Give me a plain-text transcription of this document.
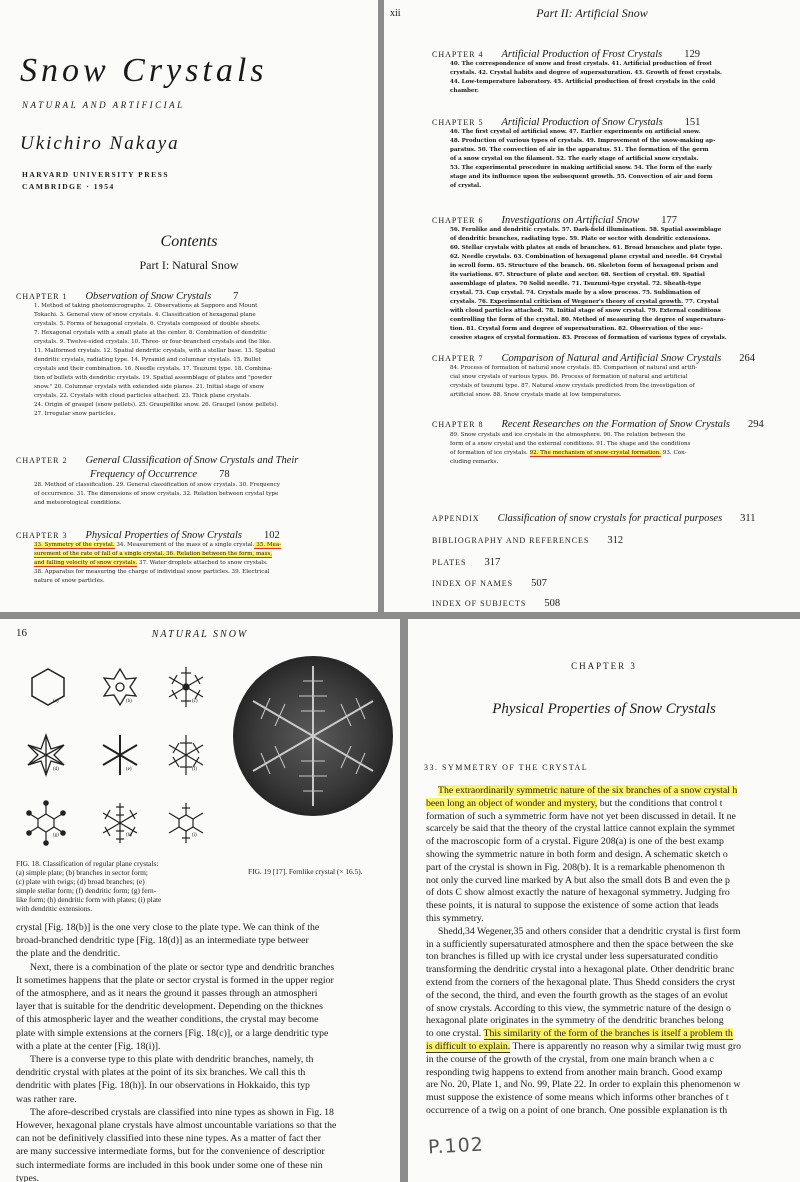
Snow Crystals
NATURAL AND ARTIFICIAL
Ukichiro Nakaya
HARVARD UNIVERSITY PRESS
CAMBRIDGE · 1954
Contents
Part I: Natural Snow
CHAPTER 1 Observation of Snow Crystals 7
1. Method of taking photomicrographs. 2. Observations at Sapporo and Mount
Tokachi. 3. General view of snow crystals. 4. Classification of hexagonal plane
crystals. 5. Forms of hexagonal crystals. 6. Crystals composed of double sheets.
7. Hexagonal crystals with a small plate at the center. 8. Combination of dendritic
crystals. 9. Twelve-sided crystals. 10. Three- or four-branched crystals and the like.
11. Malformed crystals. 12. Spatial dendritic crystals, with a stellar base. 13. Spatial
dendritic crystals, radiating type. 14. Pyramid and columnar crystals. 15. Bullet
crystals and their combination. 16. Needle crystals. 17. Tsuzumi type. 18. Combina-
tion of bullets with dendritic crystals. 19. Spatial assemblage of plates and "powder
snow." 20. Columnar crystals with extended side planes. 21. Initial stage of snow
crystals. 22. Crystals with cloud particles attached. 23. Thick plane crystals.
24. Origin of graupel (snow pellets). 25. Graupellike snow. 26. Graupel (snow pellets).
27. Irregular snow particles.
CHAPTER 2 General Classification of Snow Crystals and Their
Frequency of Occurrence 78
28. Method of classification. 29. General classification of snow crystals. 30. Frequency
of occurrence. 31. The dimensions of snow crystals. 32. Relation between crystal type
and meteorological conditions.
CHAPTER 3 Physical Properties of Snow Crystals 102
33. Symmetry of the crystal. 34. Measurement of the mass of a single crystal. 35. Mea-
surement of the rate of fall of a single crystal. 36. Relation between the form, mass,
and falling velocity of snow crystals. 37. Water droplets attached to snow crystals.
38. Apparatus for measuring the charge of individual snow particles. 39. Electrical
nature of snow particles.
xii	Part II: Artificial Snow
CHAPTER 4 Artificial Production of Frost Crystals 129
40. The correspondence of snow and frost crystals. 41. Artificial production of frost
crystals. 42. Crystal habits and degree of supersaturation. 43. Growth of frost crystals.
44. Low-temperature laboratory. 45. Artificial production of frost crystals in the cold
chamber.
CHAPTER 5 Artificial Production of Snow Crystals 151
46. The first crystal of artificial snow. 47. Earlier experiments on artificial snow.
48. Production of various types of crystals. 49. Improvement of the snow-making ap-
paratus. 50. The convection of air in the apparatus. 51. The formation of the germ
of a snow crystal on the filament. 52. The early stage of artificial snow crystals.
53. The experimental procedure in making artificial snow. 54. The form of the early
stage and its influence upon the subsequent growth. 55. Convection of air and form
of crystal.
CHAPTER 6 Investigations on Artificial Snow 177
56. Fernlike and dendritic crystals. 57. Dark-field illumination. 58. Spatial assemblage
of dendritic branches, radiating type. 59. Plate or sector with dendritic extensions.
60. Stellar crystals with plates at ends of branches. 61. Broad branches and plate type.
62. Needle crystals. 63. Combination of hexagonal plane crystal and needle. 64 Crystal
in scroll form. 65. Structure of the branch. 66. Skeleton form of hexagonal prism and
its variations. 67. Structure of plate and sector. 68. Section of crystal. 69. Spatial
assemblage of plates. 70 Solid needle. 71. Tsuzumi-type crystal. 72. Sheath-type
crystal. 73. Cup crystal. 74. Crystals made by a slow process. 75. Sublimation of
crystals. 76. Experimental criticism of Wegener's theory of crystal growth. 77. Crystal
with cloud particles attached. 78. Initial stage of snow crystal. 79. External conditions
controlling the form of the crystal. 80. Method of measuring the degree of supersatura-
tion. 81. Crystal form and degree of supersaturation. 82. Observation of the suc-
cessive stages of crystal formation. 83. Process of formation of various types of crystals.
CHAPTER 7 Comparison of Natural and Artificial Snow Crystals 264
84. Process of formation of natural snow crystals. 85. Comparison of natural and artifi-
cial snow crystals of various types. 86. Process of formation of natural and artificial
crystals of tsuzumi type. 87. Natural snow crystals predicted from the investigation of
artificial snow. 88. Snow crystals made at low temperatures.
CHAPTER 8 Recent Researches on the Formation of Snow Crystals 294
89. Snow crystals and ice crystals in the atmosphere. 90. The relation between the
form of a snow crystal and the external conditions. 91. The shape and the conditions
of formation of ice crystals. 92. The mechanism of snow-crystal formation. 93. Con-
cluding remarks.
APPENDIX Classification of snow crystals for practical purposes 311
BIBLIOGRAPHY AND REFERENCES 312
PLATES 317
INDEX OF NAMES 507
INDEX OF SUBJECTS 508
16	NATURAL SNOW
(a)	(b)	(c)
(d)	(e)	(f)
(g)	(h)	(i)
FIG. 18. Classification of regular plane crystals:
(a) simple plate; (b) branches in sector form;
(c) plate with twigs; (d) broad branches; (e)
simple stellar form; (f) dendritic form; (g) fern-
like form; (h) dendritic form with plates; (i) plate
with dendritic extensions.
FIG. 19 [17]. Fernlike crystal (× 16.5).
crystal [Fig. 18(b)] is the one very close to the plate type. We can think of the
broad-branched dendritic type [Fig. 18(d)] as an intermediate type betweer
the plate and the dendritic.
Next, there is a combination of the plate or sector type and dendritic branches
It sometimes happens that the plate or sector crystal is formed in the upper regior
of the atmosphere, and as it nears the ground it passes through an atmospheri
layer that is suitable for the dendritic development. Depending on the thicknes
of this atmospheric layer and the weather conditions, the crystal may become
plate with simple extensions at the corners [Fig. 18(c)], or a large dendritic type
with a plate at the center [Fig. 18(i)].
There is a converse type to this plate with dendritic branches, namely, th
dendritic crystal with plates at the point of its six branches. We call this th
dendritic with plates [Fig. 18(h)]. In our observations in Hokkaido, this typ
was rather rare.
The afore-described crystals are classified into nine types as shown in Fig. 18
However, hexagonal plane crystals have almost uncountable variations so that the
can not be definitively classified into these nine types. As a matter of fact ther
are many successive intermediate forms, but for the convenience of descriptior
such intermediate forms are included in this book under some one of these nin
types.
CHAPTER 3
Physical Properties of Snow Crystals
33. SYMMETRY OF THE CRYSTAL
The extraordinarily symmetric nature of the six branches of a snow crystal h
been long an object of wonder and mystery, but the conditions that control t
formation of such a symmetric form have not yet been discussed in detail. It ne
scarcely be said that the theory of the crystal lattice cannot explain the symmet
of the macroscopic form of a crystal. Figure 208(a) is one of the best examp
showing the symmetric nature in both form and design. A schematic sketch o
part of the crystal is shown in Fig. 208(b). It is a remarkable phenomenon th
not only the curved line marked by A but also the small dots B and even the p
of dots C show almost exactly the nature of hexagonal symmetry. Judging fro
these points, it is natural to suppose the existence of some action that leads
this symmetry.
Shedd,34 Wegener,35 and others consider that a dendritic crystal is first form
in a sufficiently supersaturated atmosphere and then the space between the ske
ton branches is filled up with ice crystal under less supersaturated conditio
transforming the dendritic crystal into a hexagonal plate. Other dendritic branc
extend from the corners of the hexagonal plate. Thus Shedd considers the cryst
of the second, the third, and even the fourth growth as the stages of an evolut
of snow crystals. According to this view, the symmetric nature of the design o
hexagonal plate originates in the symmetry of the dendritic branches belong
to one crystal. This similarity of the form of the branches is itself a problem th
is difficult to explain. There is apparently no reason why a similar twig must gro
in the course of the growth of the crystal, from one main branch when a c
responding twig happens to extend from another main branch. Good examp
are No. 20, Plate 1, and No. 99, Plate 22. In order to explain this phenomenon w
must suppose the existence of some means which informs other branches of t
occurrence of a twig on a point of one branch. One possible explanation is th
P.102
